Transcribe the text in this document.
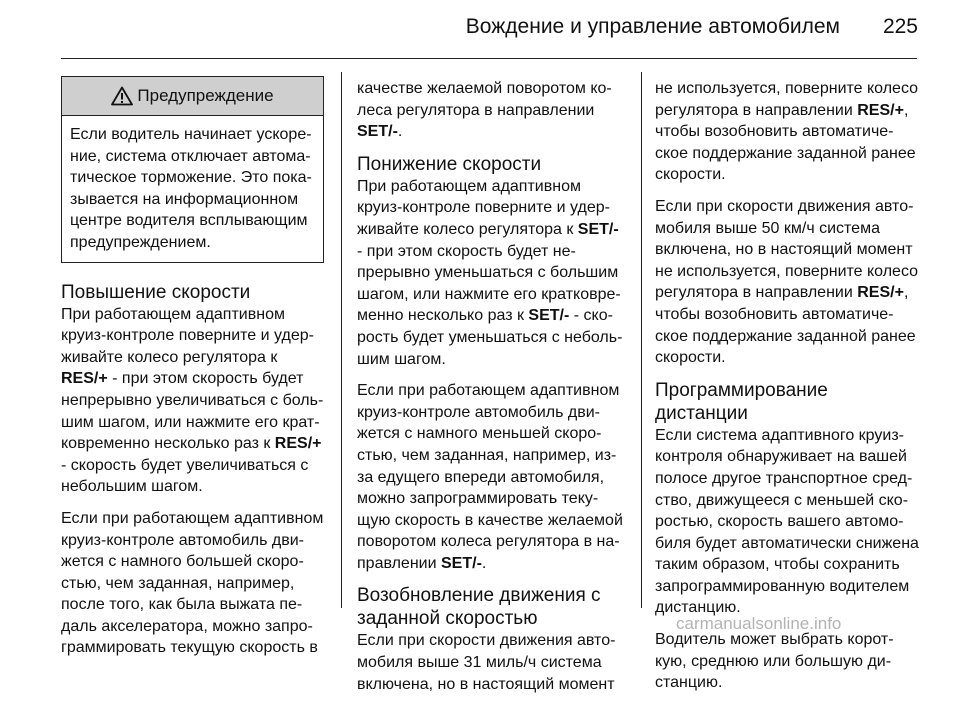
Вождение и управление автомобилем 225
Предупреждение
Если водитель начинает ускоре-ние, система отключает автома-тическое торможение. Это пока-зывается на информационном центре водителя всплывающим предупреждением.
Повышение скорости

При работающем адаптивном круиз-контроле поверните и удер-живайте колесо регулятора к RES/+ - при этом скорость будет непрерывно увеличиваться с боль-шим шагом, или нажмите его крат-ковременно несколько раз к RES/+ - скорость будет увеличиваться с небольшим шагом.

Если при работающем адаптивном круиз-контроле автомобиль дви-жется с намного большей скоро-стью, чем заданная, например, после того, как была выжата пе-даль акселератора, можно запро-граммировать текущую скорость в

качестве желаемой поворотом ко-леса регулятора в направлении SET/-.

Понижение скорости

При работающем адаптивном круиз-контроле поверните и удер-живайте колесо регулятора к SET/- - при этом скорость будет не-прерывно уменьшаться с большим шагом, или нажмите его кратковре-менно несколько раз к SET/- - ско-рость будет уменьшаться с неболь-шим шагом.

Если при работающем адаптивном круиз-контроле автомобиль дви-жется с намного меньшей скоро-стью, чем заданная, например, из-за едущего впереди автомобиля, можно запрограммировать теку-щую скорость в качестве желаемой поворотом колеса регулятора в на-правлении SET/-.

Возобновление движения с заданной скоростью

Если при скорости движения авто-мобиля выше 31 миль/ч система включена, но в настоящий момент

не используется, поверните колесо регулятора в направлении RES/+, чтобы возобновить автоматиче-ское поддержание заданной ранее скорости.

Если при скорости движения авто-мобиля выше 50 км/ч система включена, но в настоящий момент не используется, поверните колесо регулятора в направлении RES/+, чтобы возобновить автоматиче-ское поддержание заданной ранее скорости.

Программирование дистанции

Если система адаптивного круиз-контроля обнаруживает на вашей полосе другое транспортное сред-ство, движущееся с меньшей ско-ростью, скорость вашего автомо-биля будет автоматически снижена таким образом, чтобы сохранить запрограммированную водителем дистанцию.

Водитель может выбрать корот-кую, среднюю или большую ди-станцию.

carmanualsonline.info
